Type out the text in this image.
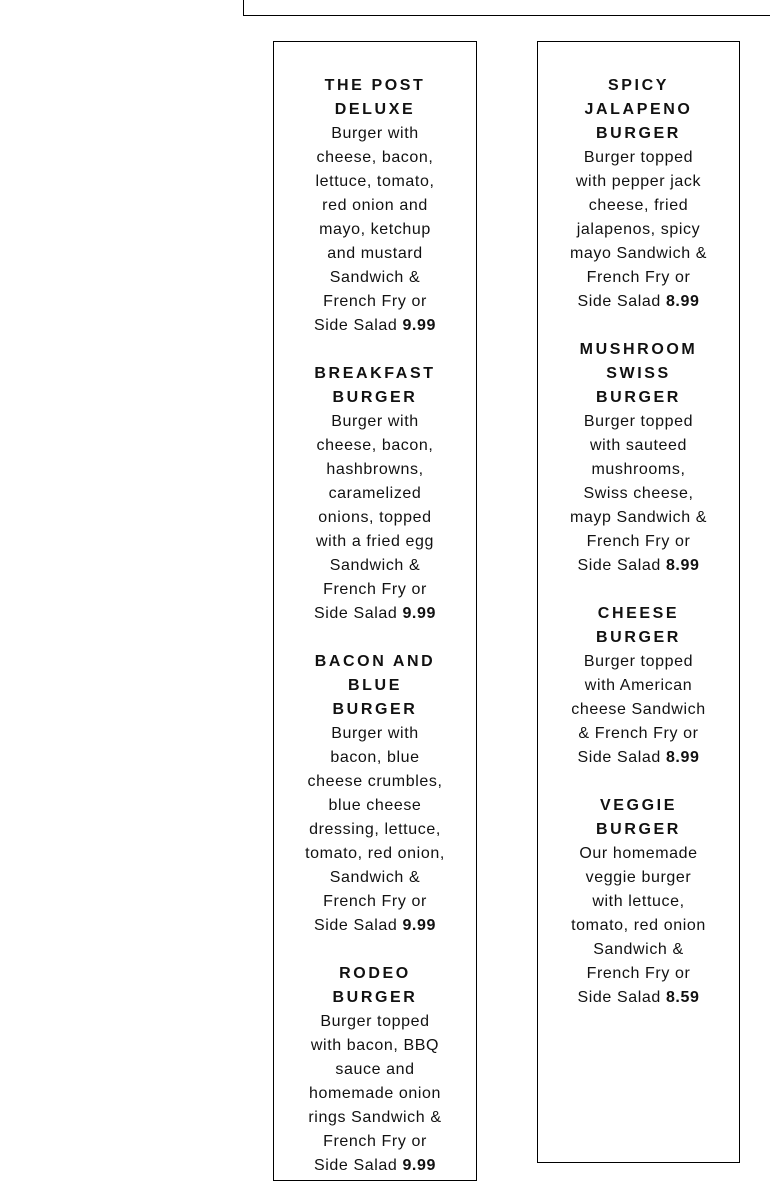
THE POST DELUXE
Burger with cheese, bacon, lettuce, tomato, red onion and mayo, ketchup and mustard Sandwich & French Fry or Side Salad 9.99
BREAKFAST BURGER
Burger with cheese, bacon, hashbrowns, caramelized onions, topped with a fried egg Sandwich & French Fry or Side Salad 9.99
BACON AND BLUE BURGER
Burger with bacon, blue cheese crumbles, blue cheese dressing, lettuce, tomato, red onion, Sandwich & French Fry or Side Salad 9.99
RODEO BURGER
Burger topped with bacon, BBQ sauce and homemade onion rings Sandwich & French Fry or Side Salad 9.99
SPICY JALAPENO BURGER
Burger topped with pepper jack cheese, fried jalapenos, spicy mayo Sandwich & French Fry or Side Salad 8.99
MUSHROOM SWISS BURGER
Burger topped with sauteed mushrooms, Swiss cheese, mayp Sandwich & French Fry or Side Salad 8.99
CHEESE BURGER
Burger topped with American cheese Sandwich & French Fry or Side Salad 8.99
VEGGIE BURGER
Our homemade veggie burger with lettuce, tomato, red onion Sandwich & French Fry or Side Salad 8.59
